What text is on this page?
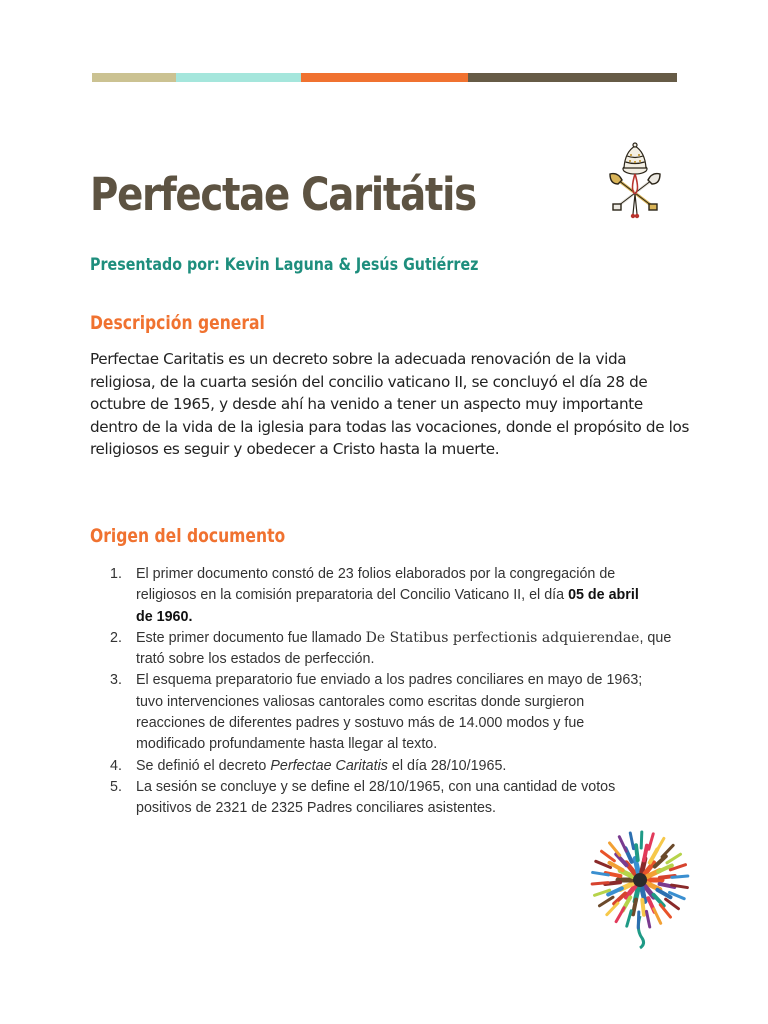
Perfectae Caritátis
Presentado por: Kevin Laguna & Jesús Gutiérrez
Descripción general
Perfectae Caritatis es un decreto sobre la adecuada renovación de la vida
religiosa, de la cuarta sesión del concilio vaticano II, se concluyó el día 28 de
octubre de 1965, y desde ahí ha venido a tener un aspecto muy importante
dentro de la vida de la iglesia para todas las vocaciones, donde el propósito de los
religiosos es seguir y obedecer a Cristo hasta la muerte.
Origen del documento
1. El primer documento constó de 23 folios elaborados por la congregación de
religiosos en la comisión preparatoria del Concilio Vaticano II, el día 05 de abril
de 1960.
2. Este primer documento fue llamado De Statibus perfectionis adquierendae, que
trató sobre los estados de perfección.
3. El esquema preparatorio fue enviado a los padres conciliares en mayo de 1963;
tuvo intervenciones valiosas cantorales como escritas donde surgieron
reacciones de diferentes padres y sostuvo más de 14.000 modos y fue
modificado profundamente hasta llegar al texto.
4. Se definió el decreto Perfectae Caritatis el día 28/10/1965.
5. La sesión se concluye y se define el 28/10/1965, con una cantidad de votos
positivos de 2321 de 2325 Padres conciliares asistentes.
